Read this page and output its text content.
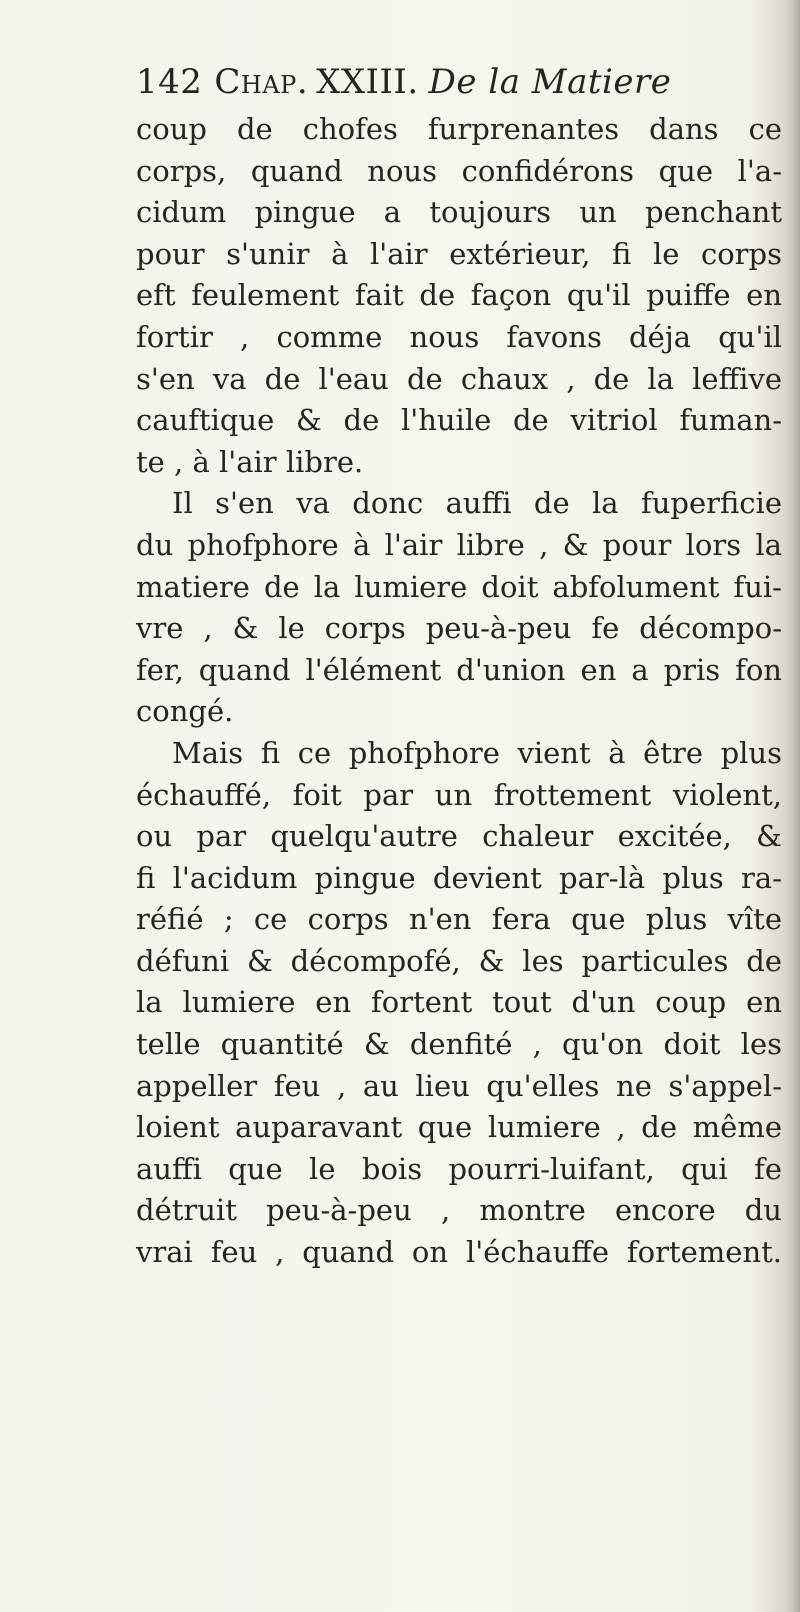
142 Chap. XXIII. De la Matiere
coup de chofes furprenantes dans ce
corps, quand nous confidérons que l'a-
cidum pingue a toujours un penchant
pour s'unir à l'air extérieur, fi le corps
eft feulement fait de façon qu'il puiffe en
fortir , comme nous favons déja qu'il
s'en va de l'eau de chaux , de la leffive
cauftique & de l'huile de vitriol fuman-
te , à l'air libre.
Il s'en va donc auffi de la fuperficie
du phofphore à l'air libre , & pour lors la
matiere de la lumiere doit abfolument fui-
vre , & le corps peu-à-peu fe décompo-
fer, quand l'élément d'union en a pris fon
congé.
Mais fi ce phofphore vient à être plus
échauffé, foit par un frottement violent,
ou par quelqu'autre chaleur excitée, &
fi l'acidum pingue devient par-là plus ra-
réfié ; ce corps n'en fera que plus vîte
défuni & décompofé, & les particules de
la lumiere en fortent tout d'un coup en
telle quantité & denfité , qu'on doit les
appeller feu , au lieu qu'elles ne s'appel-
loient auparavant que lumiere , de même
auffi que le bois pourri-luifant, qui fe
détruit peu-à-peu , montre encore du
vrai feu , quand on l'échauffe fortement.
